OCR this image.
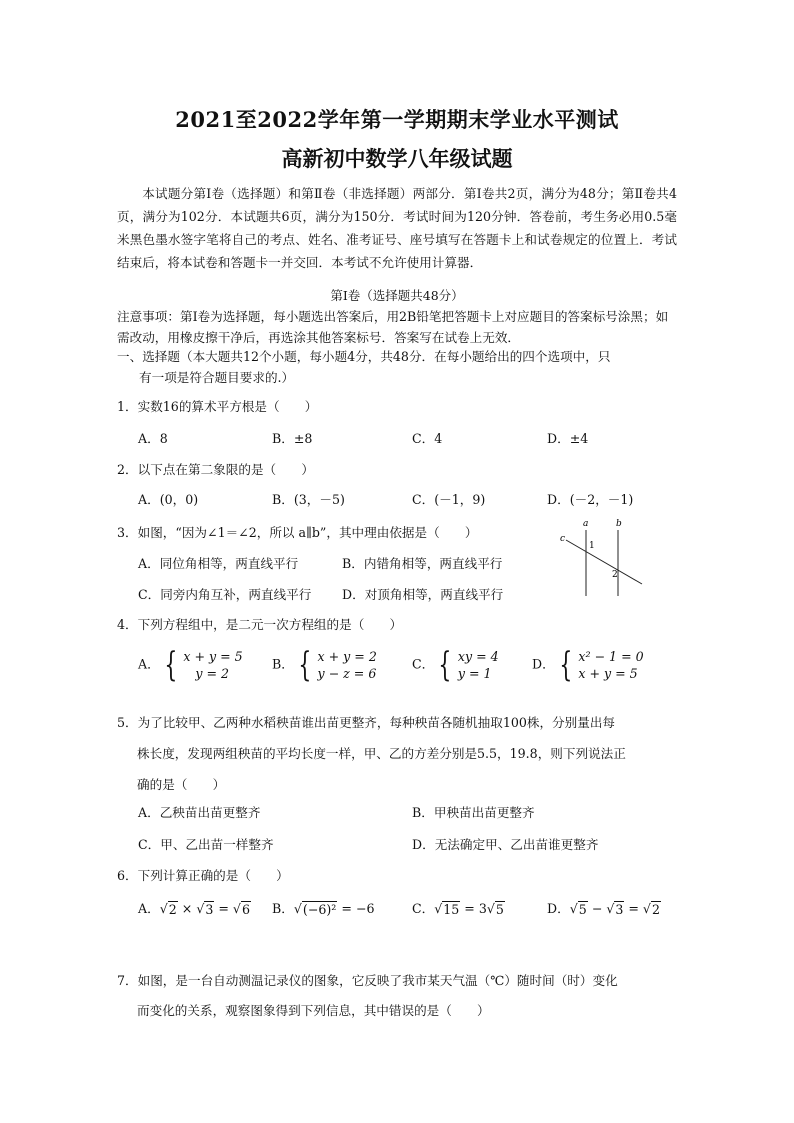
2021至2022学年第一学期期末学业水平测试
高新初中数学八年级试题
本试题分第Ⅰ卷（选择题）和第Ⅱ卷（非选择题）两部分．第Ⅰ卷共2页，满分为48分；第Ⅱ卷共4页，满分为102分．本试题共6页，满分为150分．考试时间为120分钟．答卷前，考生务必用0.5毫米黑色墨水签字笔将自己的考点、姓名、准考证号、座号填写在答题卡上和试卷规定的位置上．考试结束后，将本试卷和答题卡一并交回．本考试不允许使用计算器．
第Ⅰ卷（选择题共48分）
注意事项：第Ⅰ卷为选择题，每小题选出答案后，用2B铅笔把答题卡上对应题目的答案标号涂黑；如需改动，用橡皮擦干净后，再选涂其他答案标号．答案写在试卷上无效．
一、选择题（本大题共12个小题，每小题4分，共48分．在每小题给出的四个选项中，只
有一项是符合题目要求的.）
1．实数16的算术平方根是（　　）
A．8	B．±8	C．4	D．±4
2．以下点在第二象限的是（　　）
A．(0，0)	B．(3，－5)	C．(－1，9)	D．(－2，－1)
3．如图，“因为∠1＝∠2，所以 a∥b”，其中理由依据是（　　）
A．同位角相等，两直线平行	B．内错角相等，两直线平行
C．同旁内角互补，两直线平行 D．对顶角相等，两直线平行
a	b
c
1
2
4．下列方程组中，是二元一次方程组的是（　　）
A． { x + y = 5
y = 2
B． { x + y = 2
y − z = 6
C． { xy = 4
y = 1
D． { x² − 1 = 0
x + y = 5
5．为了比较甲、乙两种水稻秧苗谁出苗更整齐，每种秧苗各随机抽取100株，分别量出每
株长度，发现两组秧苗的平均长度一样，甲、乙的方差分别是5.5，19.8，则下列说法正
确的是（　　）
A．乙秧苗出苗更整齐	B．甲秧苗出苗更整齐
C．甲、乙出苗一样整齐	D．无法确定甲、乙出苗谁更整齐
6．下列计算正确的是（　　）
A．√ 2 × √ 3 = √ 6 B．√ (−6)² = −6	C．√ 15 = 3√ 5	D．√ 5 − √ 3 = √ 2
7．如图，是一台自动测温记录仪的图象，它反映了我市某天气温（℃）随时间（时）变化
而变化的关系，观察图象得到下列信息，其中错误的是（　　）
